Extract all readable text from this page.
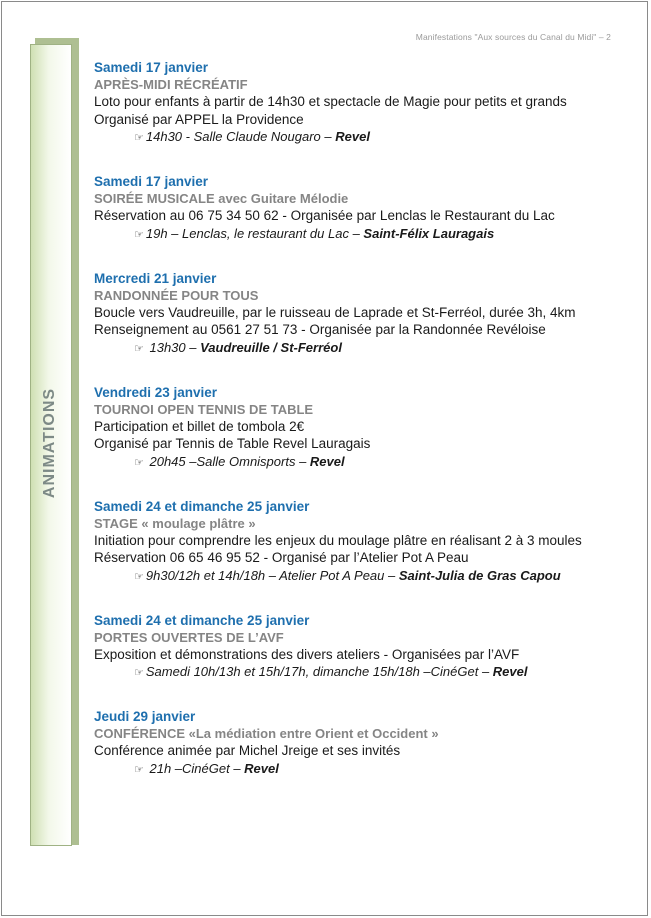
Manifestations "Aux sources du Canal du Midi" – 2
ANIMATIONS
Samedi 17 janvier
APRÈS-MIDI RÉCRÉATIF
Loto pour enfants à partir de 14h30 et spectacle de Magie pour petits et grands
Organisé par APPEL la Providence
☞ 14h30 - Salle Claude Nougaro – Revel
Samedi 17 janvier
SOIRÉE MUSICALE avec Guitare Mélodie
Réservation au 06 75 34 50 62 - Organisée par Lenclas le Restaurant du Lac
☞ 19h – Lenclas, le restaurant du Lac – Saint-Félix Lauragais
Mercredi 21 janvier
RANDONNÉE POUR TOUS
Boucle vers Vaudreuille, par le ruisseau de Laprade et St-Ferréol, durée 3h, 4km
Renseignement au 0561 27 51 73 - Organisée par la Randonnée Revéloise
☞ 13h30 – Vaudreuille / St-Ferréol
Vendredi 23 janvier
TOURNOI OPEN TENNIS DE TABLE
Participation et billet de tombola 2€
Organisé par Tennis de Table Revel Lauragais
☞ 20h45 –Salle Omnisports – Revel
Samedi 24 et dimanche 25 janvier
STAGE « moulage plâtre »
Initiation pour comprendre les enjeux du moulage plâtre en réalisant 2 à 3 moules
Réservation 06 65 46 95 52 - Organisé par l’Atelier Pot A Peau
☞ 9h30/12h et 14h/18h – Atelier Pot A Peau – Saint-Julia de Gras Capou
Samedi 24 et dimanche 25 janvier
PORTES OUVERTES DE L’AVF
Exposition et démonstrations des divers ateliers - Organisées par l’AVF
☞ Samedi 10h/13h et 15h/17h, dimanche 15h/18h –CinéGet – Revel
Jeudi 29 janvier
CONFÉRENCE «La médiation entre Orient et Occident »
Conférence animée par Michel Jreige et ses invités
☞ 21h –CinéGet – Revel
